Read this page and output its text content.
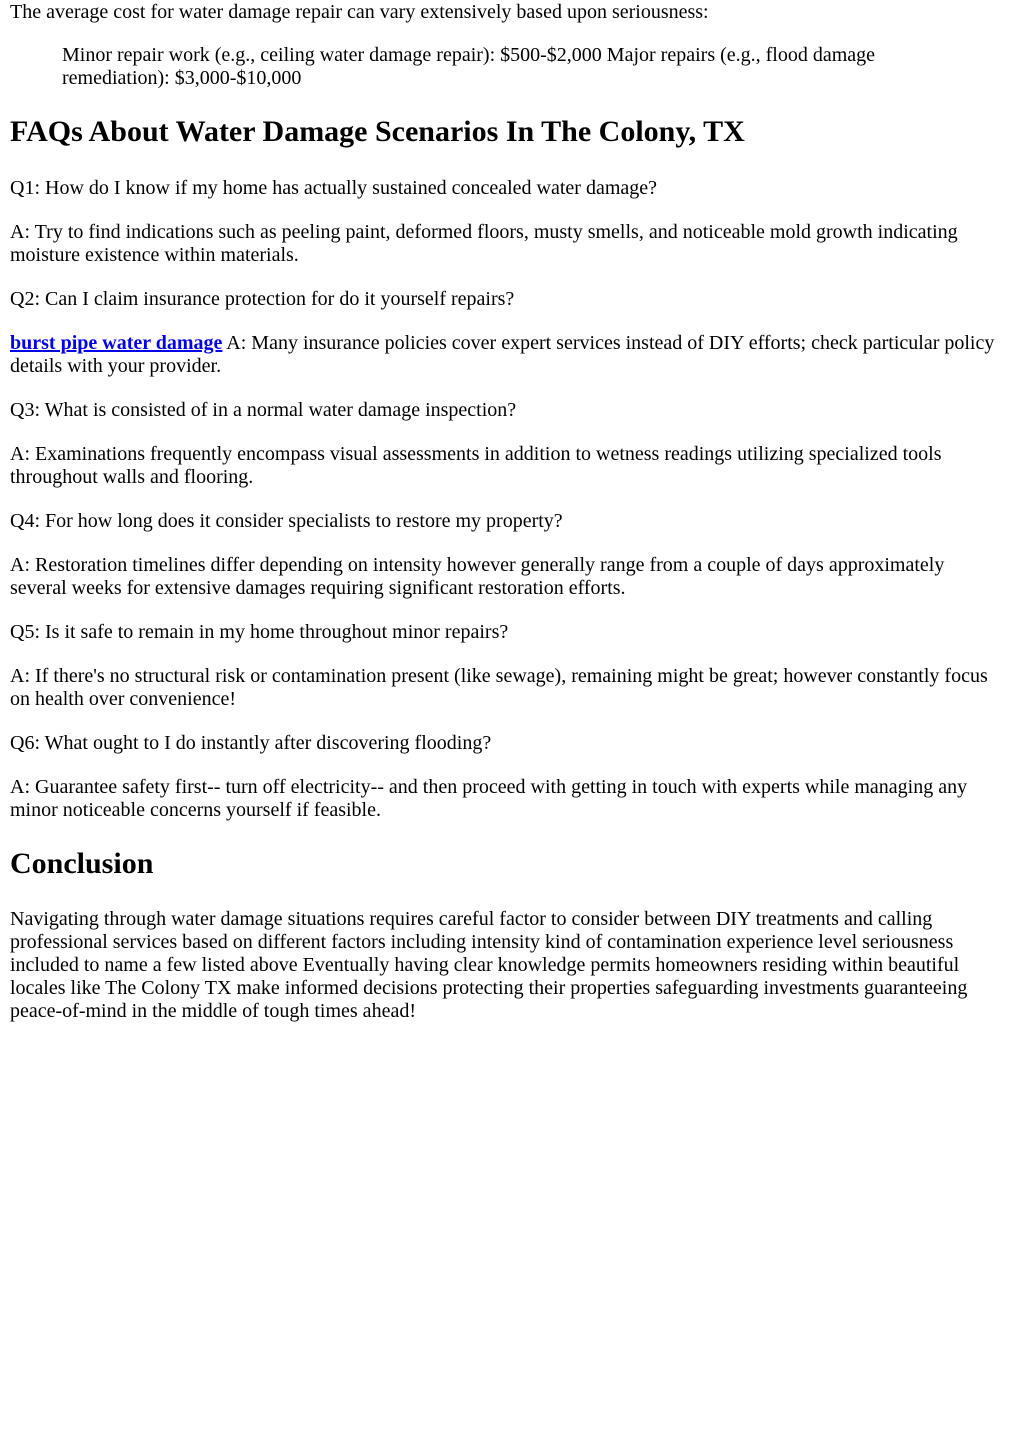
The average cost for water damage repair can vary extensively based upon seriousness:

Minor repair work (e.g., ceiling water damage repair): $500-$2,000 Major repairs (e.g., flood damage remediation): $3,000-$10,000
FAQs About Water Damage Scenarios In The Colony, TX

Q1: How do I know if my home has actually sustained concealed water damage?

A: Try to find indications such as peeling paint, deformed floors, musty smells, and noticeable mold growth indicating moisture existence within materials.

Q2: Can I claim insurance protection for do it yourself repairs?

burst pipe water damage A: Many insurance policies cover expert services instead of DIY efforts; check particular policy details with your provider.

Q3: What is consisted of in a normal water damage inspection?

A: Examinations frequently encompass visual assessments in addition to wetness readings utilizing specialized tools throughout walls and flooring.

Q4: For how long does it consider specialists to restore my property?

A: Restoration timelines differ depending on intensity however generally range from a couple of days approximately several weeks for extensive damages requiring significant restoration efforts.

Q5: Is it safe to remain in my home throughout minor repairs?

A: If there's no structural risk or contamination present (like sewage), remaining might be great; however constantly focus on health over convenience!

Q6: What ought to I do instantly after discovering flooding?

A: Guarantee safety first-- turn off electricity-- and then proceed with getting in touch with experts while managing any minor noticeable concerns yourself if feasible.

Conclusion

Navigating through water damage situations requires careful factor to consider between DIY treatments and calling professional services based on different factors including intensity kind of contamination experience level seriousness included to name a few listed above Eventually having clear knowledge permits homeowners residing within beautiful locales like The Colony TX make informed decisions protecting their properties safeguarding investments guaranteeing peace-of-mind in the middle of tough times ahead!
